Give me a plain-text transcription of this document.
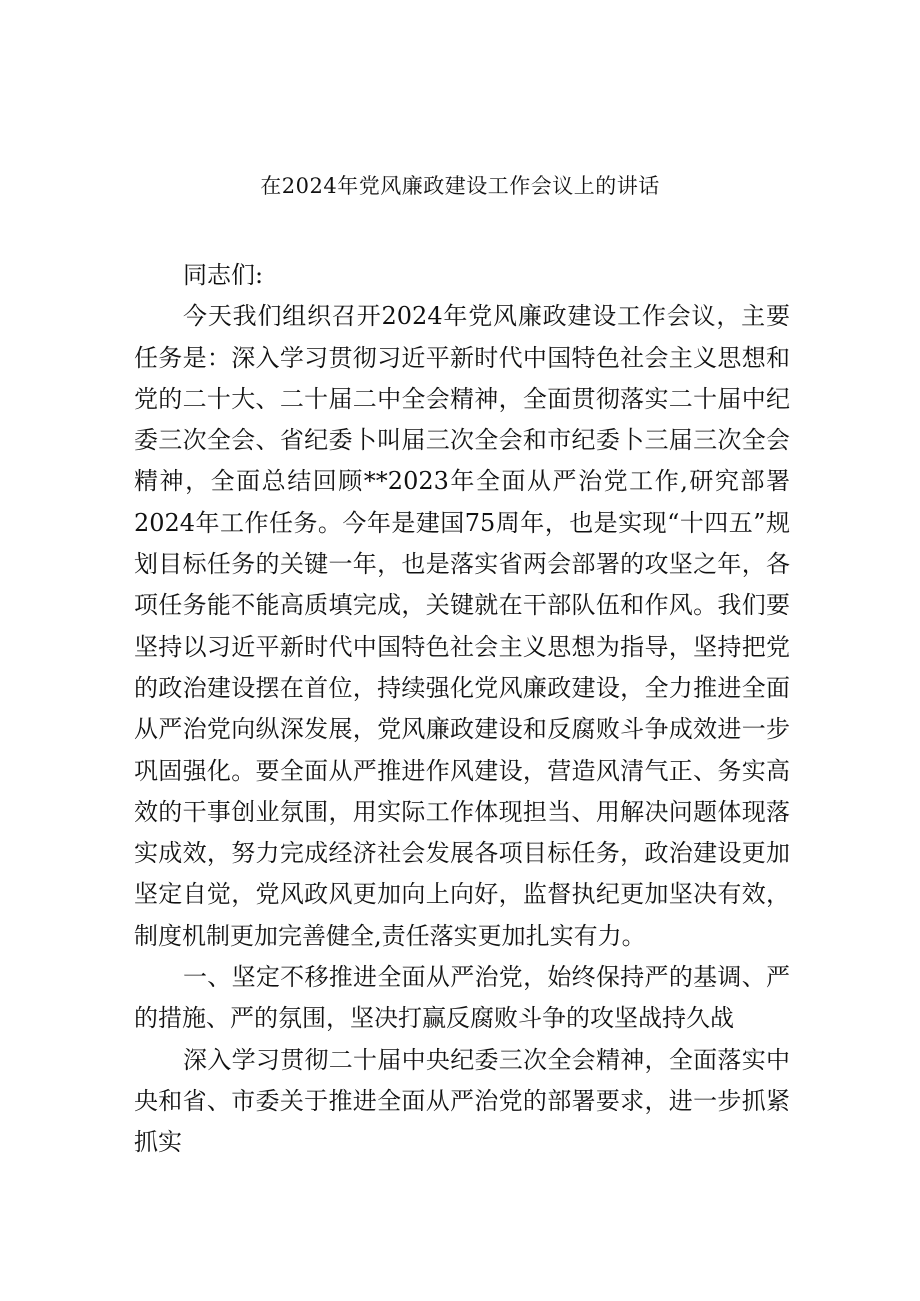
在2024年党风廉政建设工作会议上的讲话

同志们:

今天我们组织召开2024年党风廉政建设工作会议，主要任务是：深入学习贯彻习近平新时代中国特色社会主义思想和党的二十大、二十届二中全会精神，全面贯彻落实二十届中纪委三次全会、省纪委卜叫届三次全会和市纪委卜三届三次全会精神，全面总结回顾**2023年全面从严治党工作,研究部署2024年工作任务。今年是建国75周年，也是实现“十四五”规划目标任务的关键一年，也是落实省两会部署的攻坚之年，各项任务能不能高质填完成，关键就在干部队伍和作风。我们要坚持以习近平新时代中国特色社会主义思想为指导，坚持把党的政治建设摆在首位，持续强化党风廉政建设，全力推进全面从严治党向纵深发展，党风廉政建设和反腐败斗争成效进一步巩固强化。要全面从严推进作风建设，营造风清气正、务实高效的干事创业氛围，用实际工作体现担当、用解决问题体现落实成效，努力完成经济社会发展各项目标任务，政治建设更加坚定自觉，党风政风更加向上向好，监督执纪更加坚决有效，制度机制更加完善健全,责任落实更加扎实有力。

一、坚定不移推进全面从严治党，始终保持严的基调、严的措施、严的氛围，坚决打赢反腐败斗争的攻坚战持久战

深入学习贯彻二十届中央纪委三次全会精神，全面落实中央和省、市委关于推进全面从严治党的部署要求，进一步抓紧抓实
